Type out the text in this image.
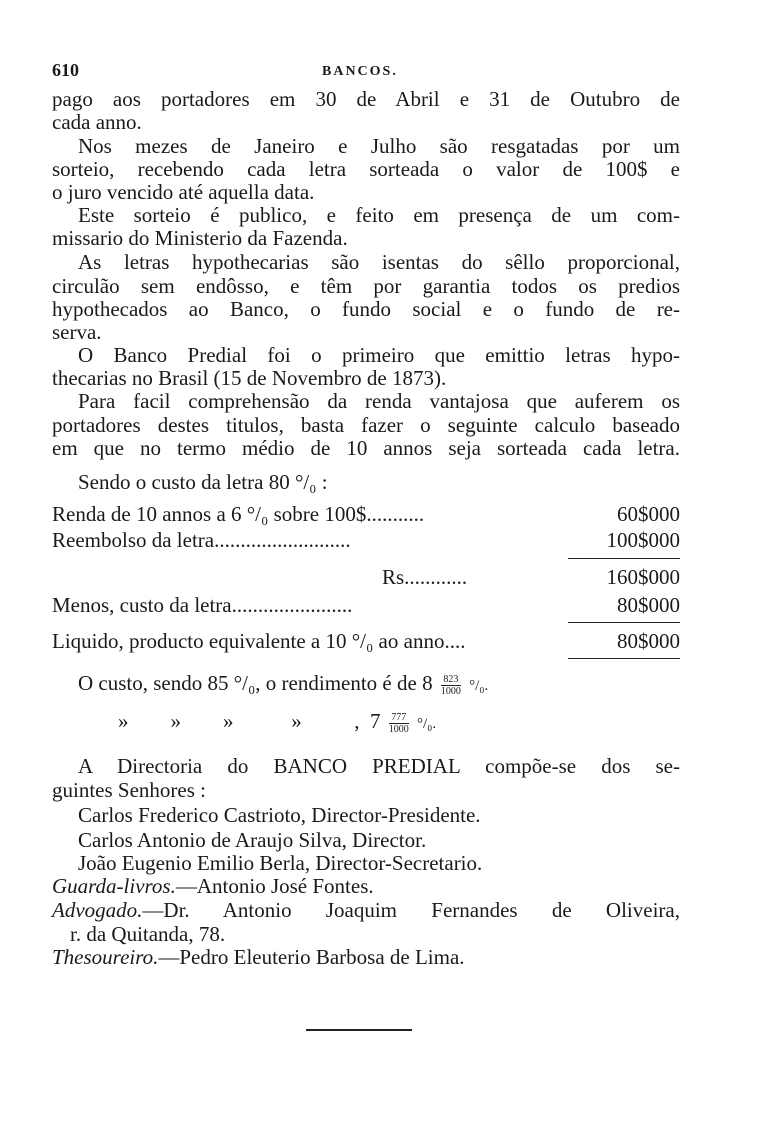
610	BANCOS.
pago aos portadores em 30 de Abril e 31 de Outubro de
cada anno.
Nos mezes de Janeiro e Julho são resgatadas por um
sorteio, recebendo cada letra sorteada o valor de 100$ e
o juro vencido até aquella data.
Este sorteio é publico, e feito em presença de um com-
missario do Ministerio da Fazenda.
As letras hypothecarias são isentas do sêllo proporcional,
circulão sem endôsso, e têm por garantia todos os predios
hypothecados ao Banco, o fundo social e o fundo de re-
serva.
O Banco Predial foi o primeiro que emittio letras hypo-
thecarias no Brasil (15 de Novembro de 1873).
Para facil comprehensão da renda vantajosa que auferem os
portadores destes titulos, basta fazer o seguinte calculo baseado
em que no termo médio de 10 annos seja sorteada cada letra.
Sendo o custo da letra 80 °/₀ :
Renda de 10 annos a 6 °/₀ sobre 100$...........	60$000
Reembolso da letra..........................	100$000
Rs............	160$000
Menos, custo da letra.......................	80$000
Liquido, producto equivalente a 10 °/₀ ao anno....	80$000
O custo, sendo 85 °/₀, o rendimento é de $8 \frac{823}{1000} ^\circ/_0$.
»        »        »           »          ,  $7 \frac{777}{1000} ^\circ/_0$.
A Directoria do BANCO PREDIAL compõe-se dos se-
guintes Senhores :
Carlos Frederico Castrioto, Director-Presidente.
Carlos Antonio de Araujo Silva, Director.
João Eugenio Emilio Berla, Director-Secretario.
Guarda-livros.—Antonio José Fontes.
Advogado.—Dr. Antonio Joaquim Fernandes de Oliveira,
r. da Quitanda, 78.
Thesoureiro.—Pedro Eleuterio Barbosa de Lima.
